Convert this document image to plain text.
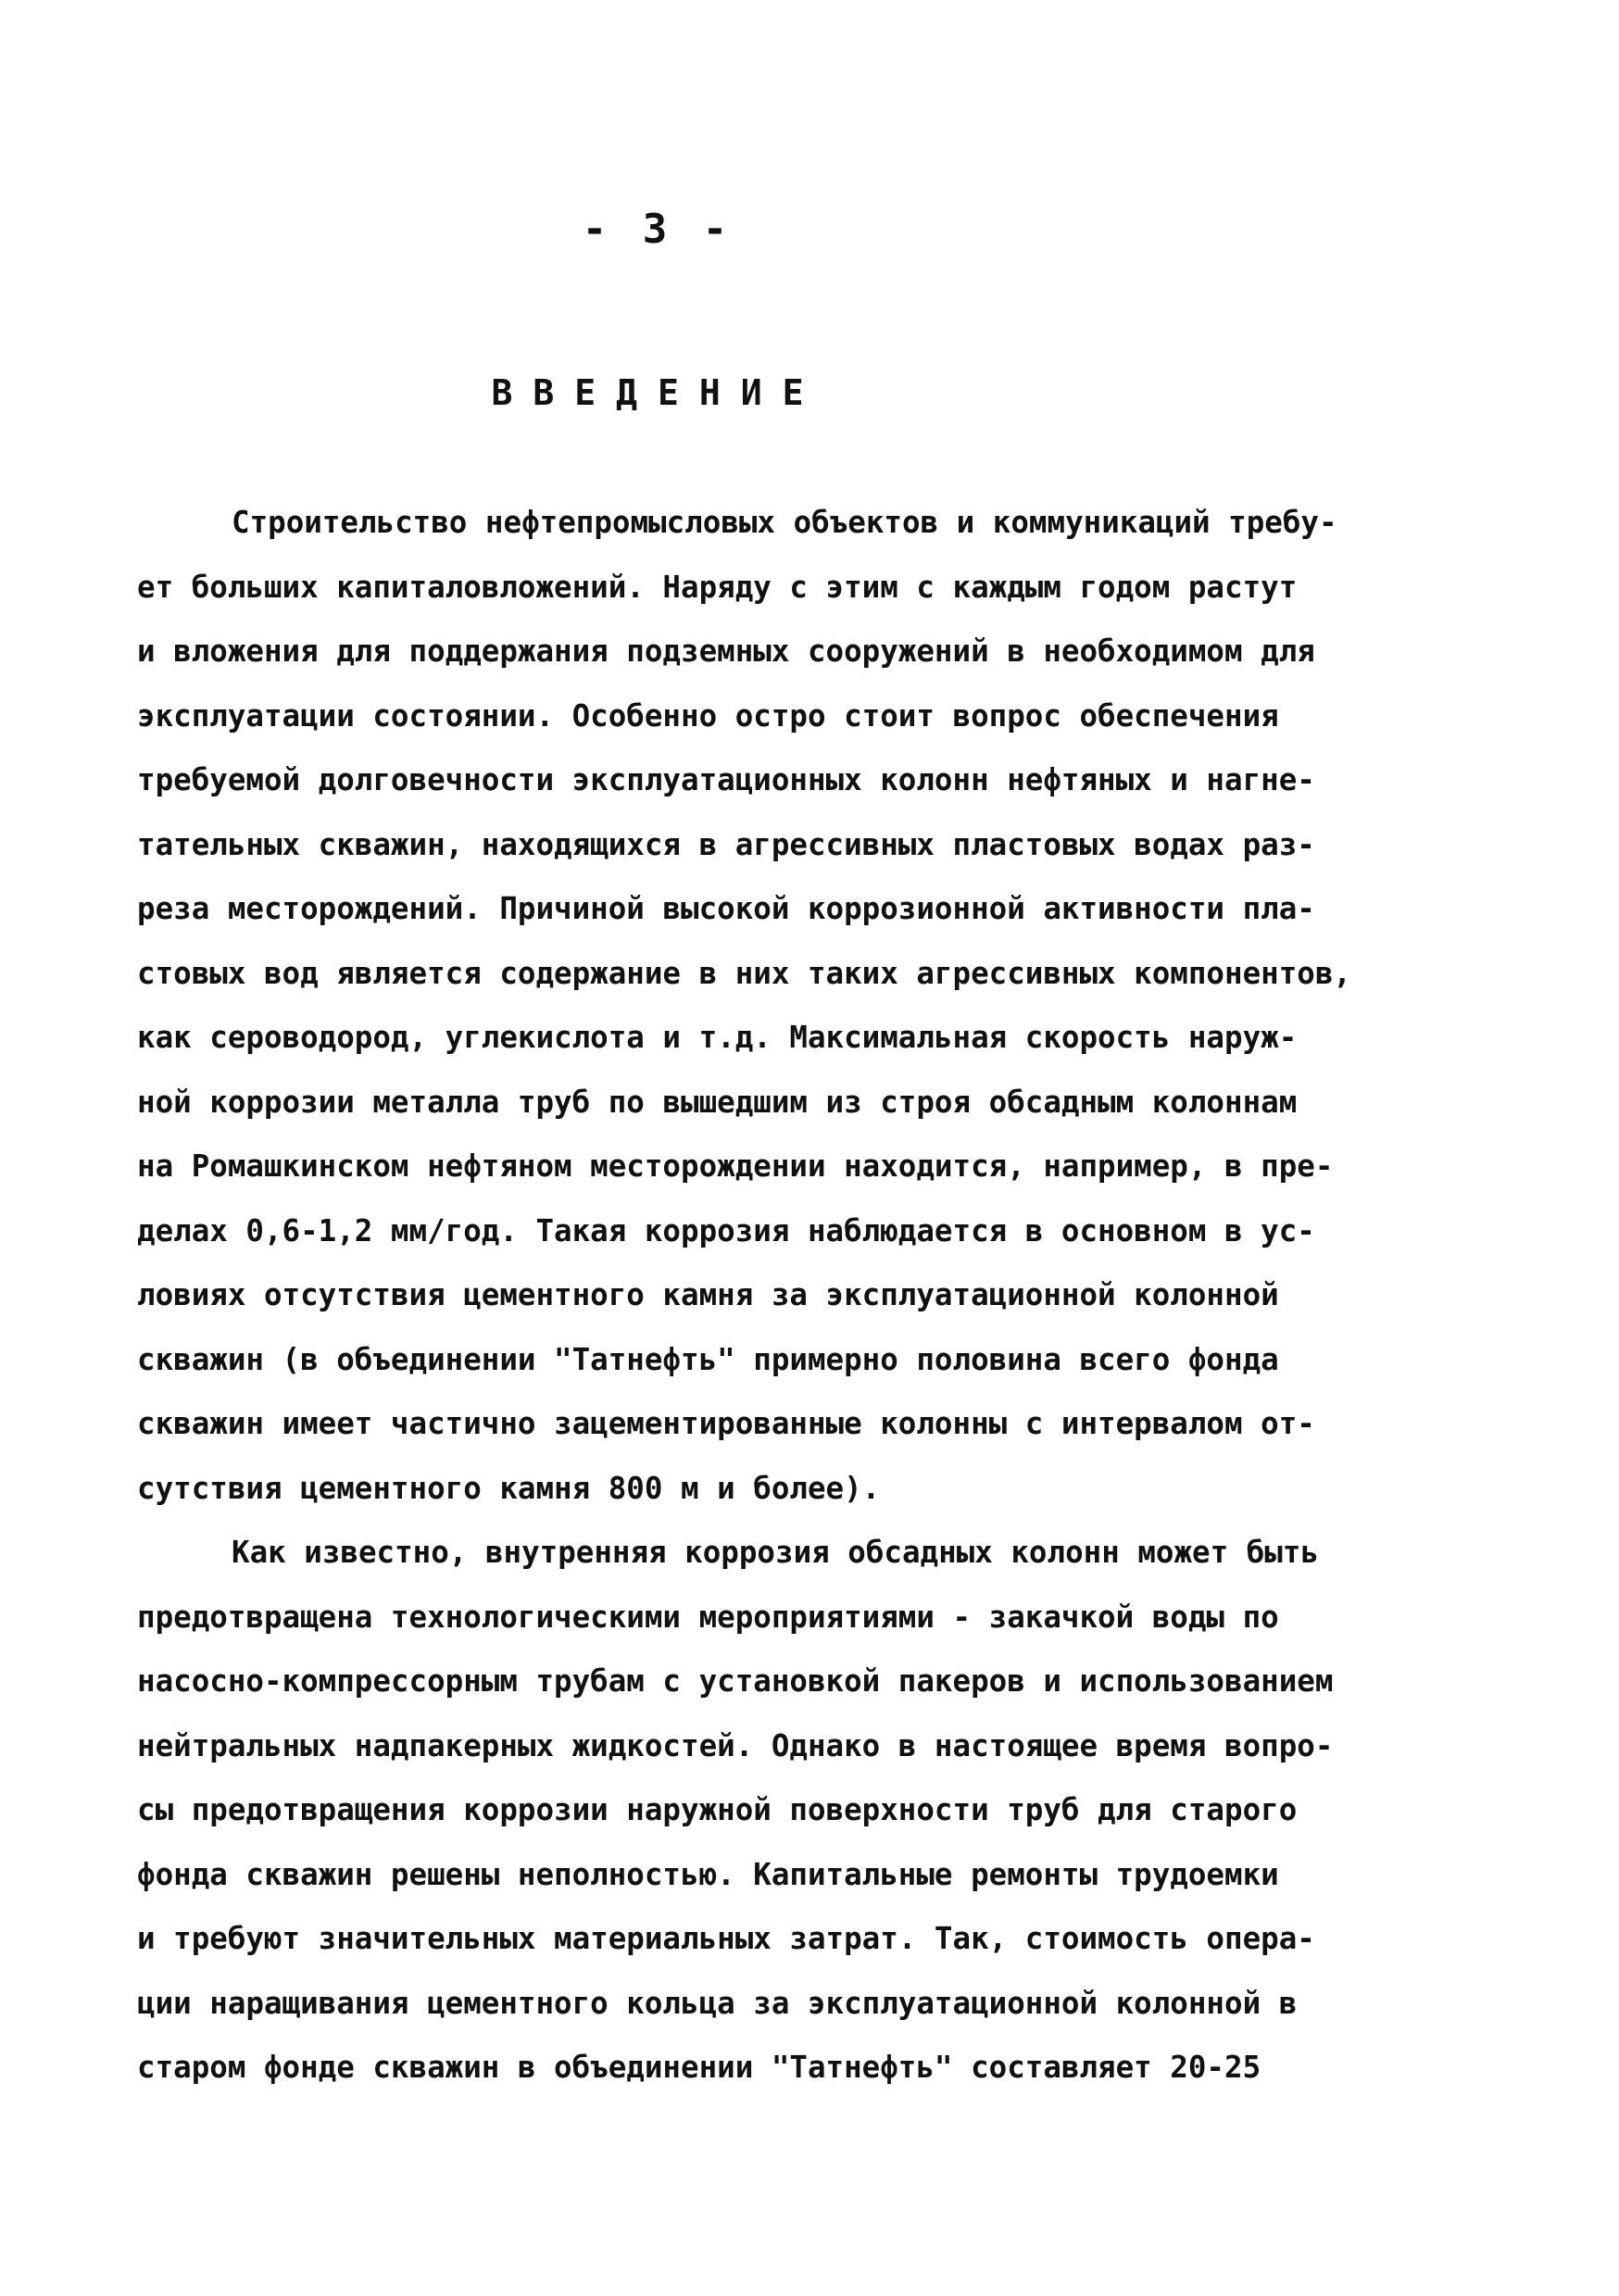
- 3 -
ВВЕДЕНИЕ
Строительство нефтепромысловых объектов и коммуникаций требу-
ет больших капиталовложений. Наряду с этим с каждым годом растут
и вложения для поддержания подземных сооружений в необходимом для
эксплуатации состоянии. Особенно остро стоит вопрос обеспечения
требуемой долговечности эксплуатационных колонн нефтяных и нагне-
тательных скважин, находящихся в агрессивных пластовых водах раз-
реза месторождений. Причиной высокой коррозионной активности пла-
стовых вод является содержание в них таких агрессивных компонентов,
как сероводород, углекислота и т.д. Максимальная скорость наруж-
ной коррозии металла труб по вышедшим из строя обсадным колоннам
на Ромашкинском нефтяном месторождении находится, например, в пре-
делах 0,6-1,2 мм/год. Такая коррозия наблюдается в основном в ус-
ловиях отсутствия цементного камня за эксплуатационной колонной
скважин (в объединении "Татнефть" примерно половина всего фонда
скважин имеет частично зацементированные колонны с интервалом от-
сутствия цементного камня 800 м и более).
Как известно, внутренняя коррозия обсадных колонн может быть
предотвращена технологическими мероприятиями - закачкой воды по
насосно-компрессорным трубам с установкой пакеров и использованием
нейтральных надпакерных жидкостей. Однако в настоящее время вопро-
сы предотвращения коррозии наружной поверхности труб для старого
фонда скважин решены неполностью. Капитальные ремонты трудоемки
и требуют значительных материальных затрат. Так, стоимость опера-
ции наращивания цементного кольца за эксплуатационной колонной в
старом фонде скважин в объединении "Татнефть" составляет 20-25
